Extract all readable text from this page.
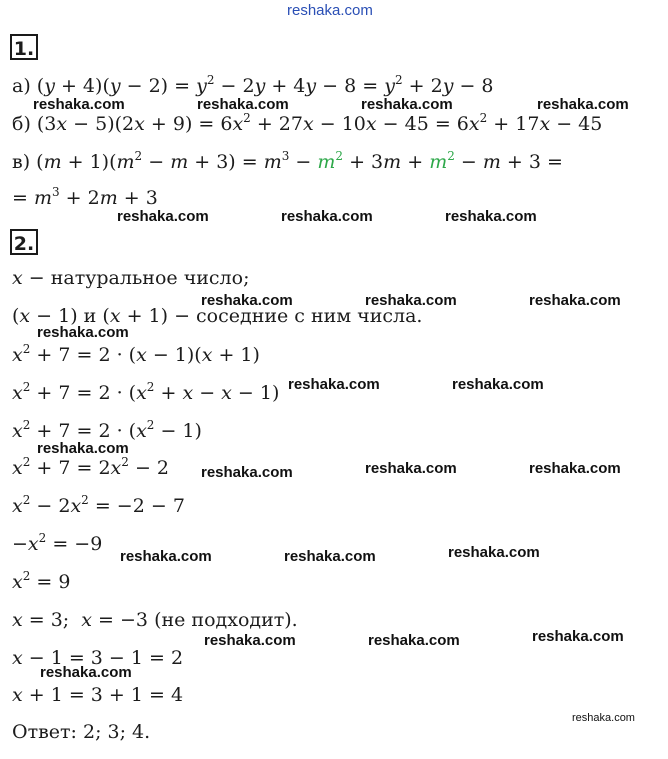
reshaka.com
1.
а) $(y + 4)(y - 2) = y^2 - 2y + 4y - 8 = y^2 + 2y - 8$
б) $(3x - 5)(2x + 9) = 6x^2 + 27x - 10x - 45 = 6x^2 + 17x - 45$
в) $(m + 1)(m^2 - m + 3) = m^3 - m^2 + 3m + m^2 - m + 3$ =
= $m^3 + 2m + 3$
2.
x − натуральное число;
(x − 1) и (x + 1) − соседние с ним числа.
$x^2 + 7 = 2 \cdot (x - 1)(x + 1)$
$x^2 + 7 = 2 \cdot (x^2 + x - x - 1)$
$x^2 + 7 = 2 \cdot (x^2 - 1)$
$x^2 + 7 = 2x^2 - 2$
$x^2 - 2x^2 = -2 - 7$
$-x^2 = -9$
$x^2 = 9$
x = 3;  x = −3 (не подходит).
x − 1 = 3 − 1 = 2
x + 1 = 3 + 1 = 4
Ответ: 2; 3; 4.
reshaka.com	reshaka.com	reshaka.com	reshaka.com
reshaka.com	reshaka.com	reshaka.com
reshaka.com	reshaka.com	reshaka.com
reshaka.com
reshaka.com	reshaka.com
reshaka.com
reshaka.com	reshaka.com	reshaka.com
reshaka.com	reshaka.com	reshaka.com
reshaka.com	reshaka.com	reshaka.com
reshaka.com
reshaka.com
